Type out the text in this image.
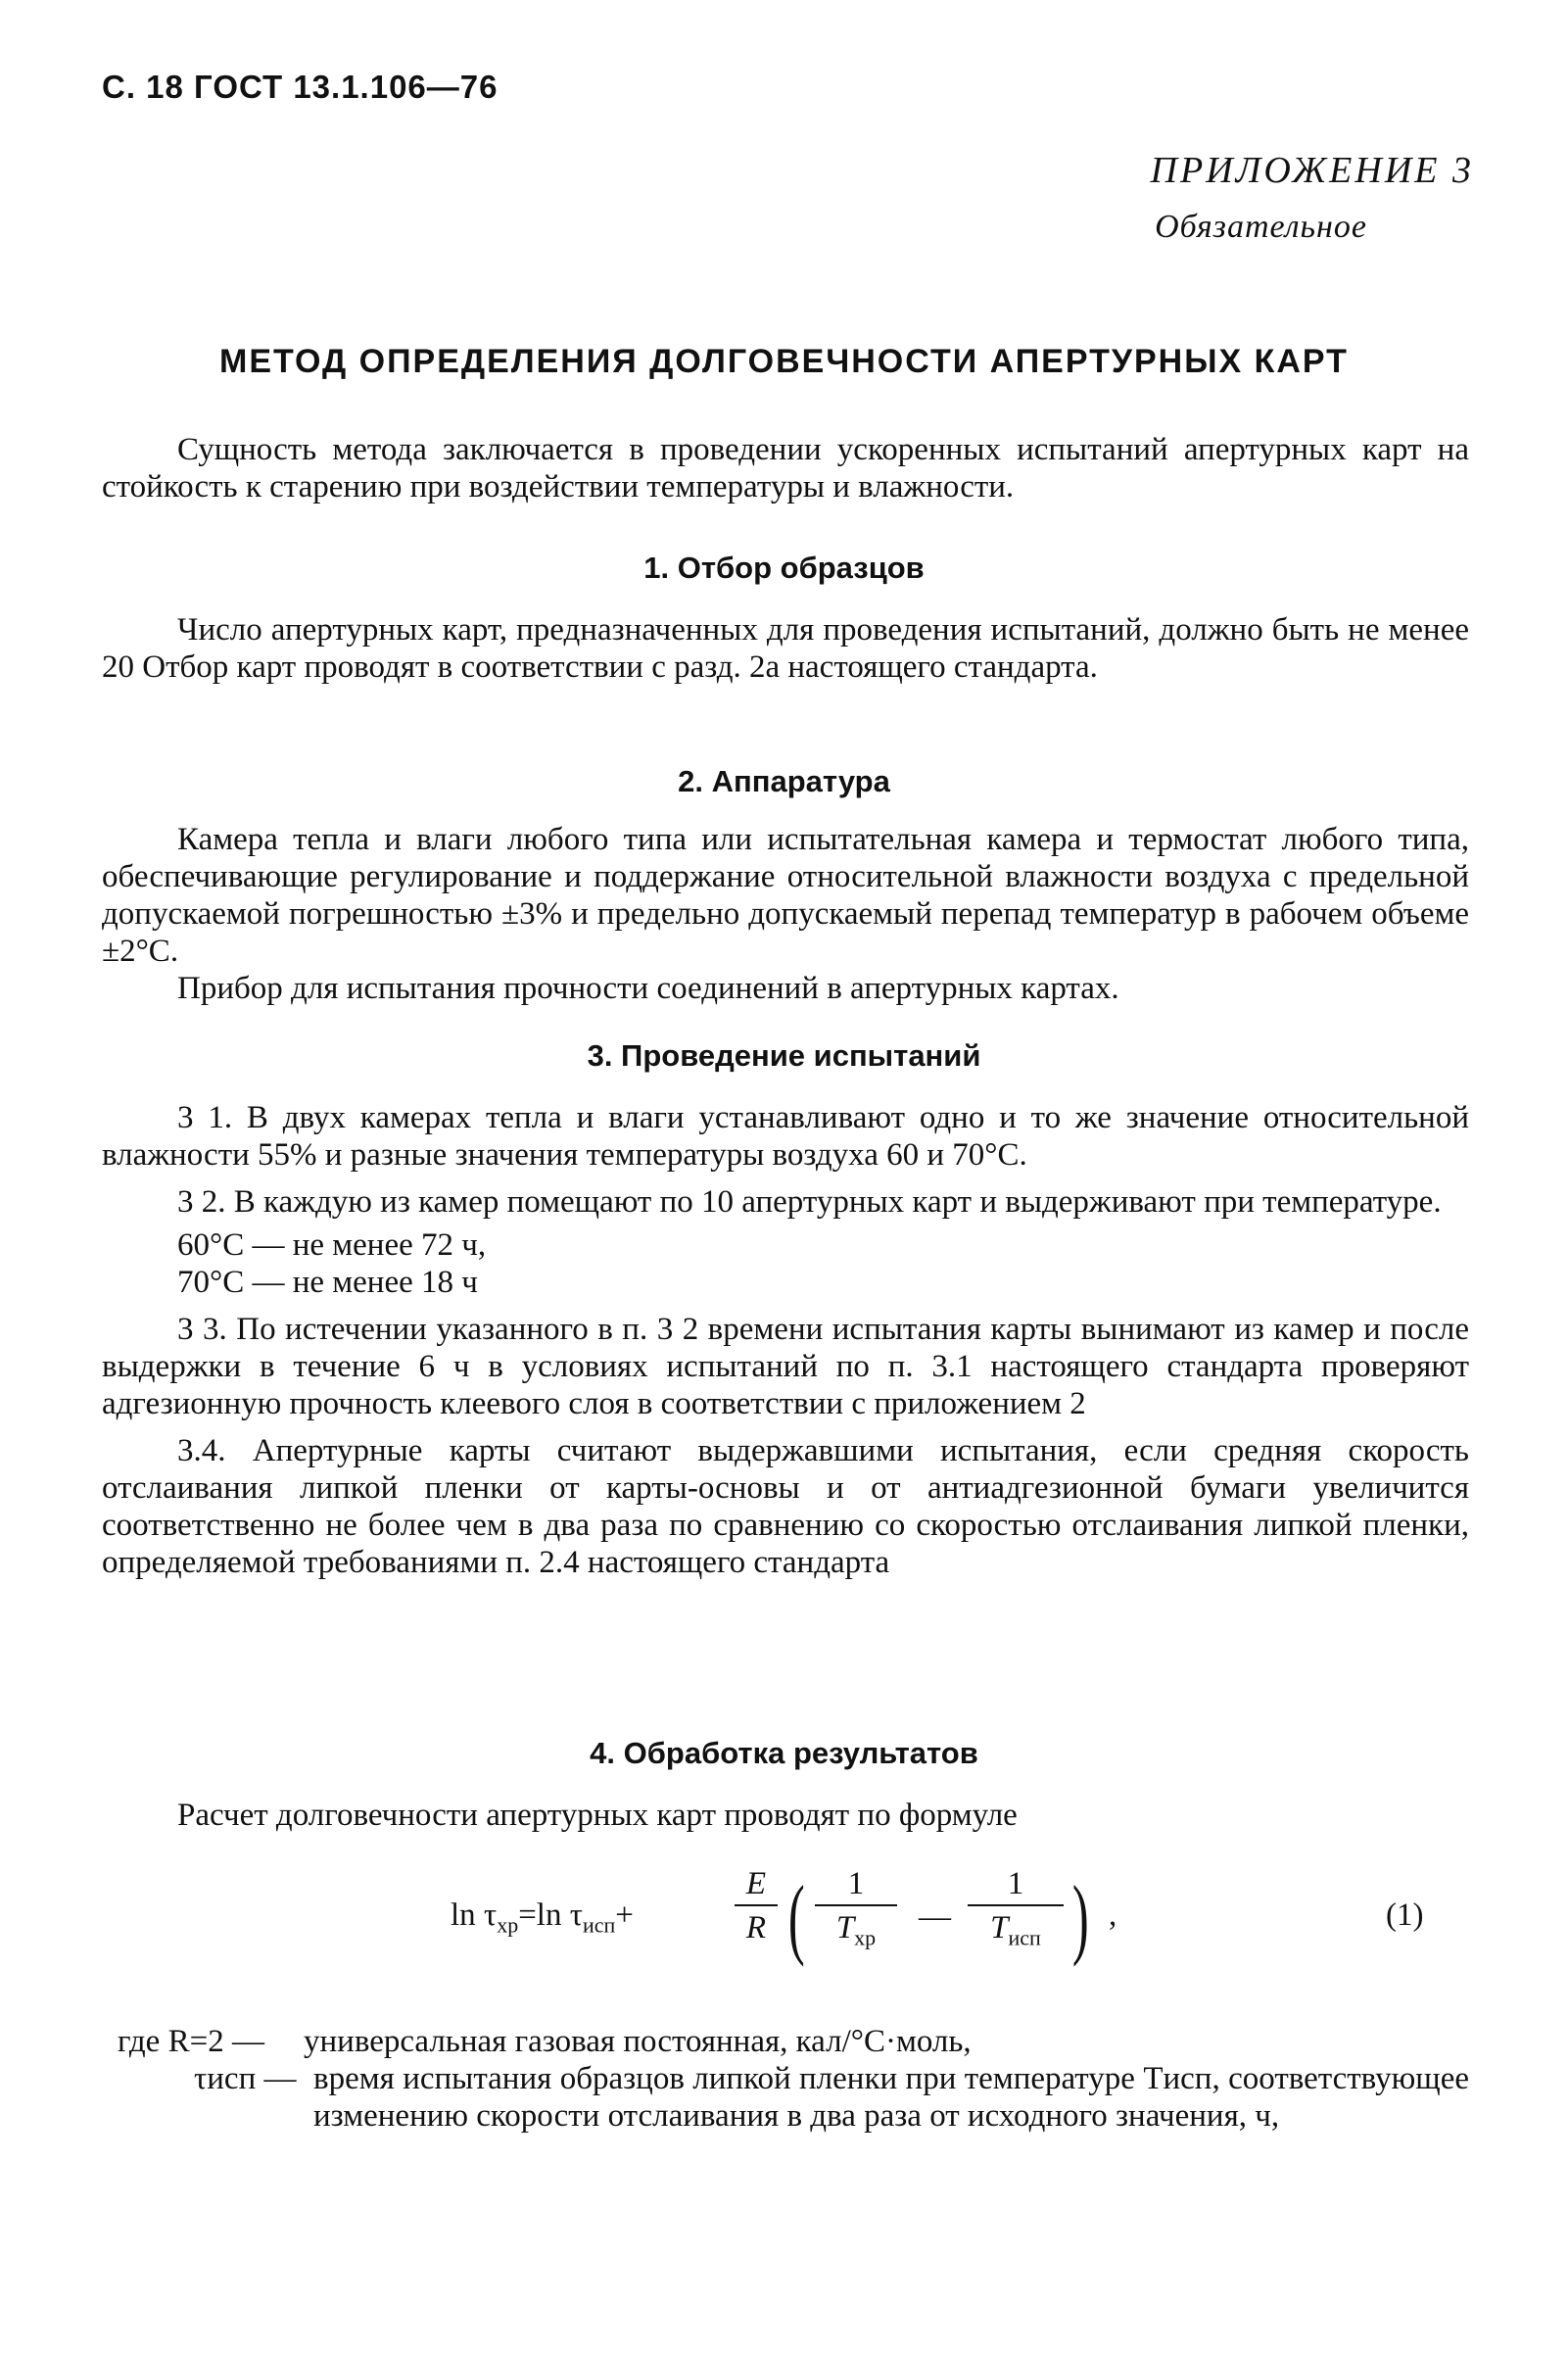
С. 18 ГОСТ 13.1.106—76
ПРИЛОЖЕНИЕ 3
Обязательное
МЕТОД ОПРЕДЕЛЕНИЯ ДОЛГОВЕЧНОСТИ АПЕРТУРНЫХ КАРТ

Сущность метода заключается в проведении ускоренных испытаний апертурных карт на стойкость к старению при воздействии температуры и влажности.

1. Отбор образцов

Число апертурных карт, предназначенных для проведения испытаний, должно быть не менее 20 Отбор карт проводят в соответствии с разд. 2а настоящего стандарта.

2. Аппаратура

Камера тепла и влаги любого типа или испытательная камера и термостат любого типа, обеспечивающие регулирование и поддержание относительной влажности воздуха с предельной допускаемой погрешностью ±3% и предельно допускаемый перепад температур в рабочем объеме ±2°С.

Прибор для испытания прочности соединений в апертурных картах.

3. Проведение испытаний

3 1. В двух камерах тепла и влаги устанавливают одно и то же значение относительной влажности 55% и разные значения температуры воздуха 60 и 70°С.

3 2. В каждую из камер помещают по 10 апертурных карт и выдерживают при температуре.

60°С — не менее 72 ч,

70°С — не менее 18 ч

3 3. По истечении указанного в п. 3 2 времени испытания карты вынимают из камер и после выдержки в течение 6 ч в условиях испытаний по п. 3.1 настоящего стандарта проверяют адгезионную прочность клеевого слоя в соответствии с приложением 2

3.4. Апертурные карты считают выдержавшими испытания, если средняя скорость отслаивания липкой пленки от карты-основы и от антиадгезионной бумаги увеличится соответственно не более чем в два раза по сравнению со скоростью отслаивания липкой пленки, определяемой требованиями п. 2.4 настоящего стандарта

4. Обработка результатов

Расчет долговечности апертурных карт проводят по формуле

$\ln \tau_{хр}=\ln$ $\tau_{исп}+$	$\frac{E}{R}$ (	1
$T_{хр}$
—
1
$T_{исп}$ ) ,	(1)
где R=2 — универсальная газовая постоянная, кал/°С·моль,
τисп — время испытания образцов липкой пленки при температуре Tисп, соответствующее изменению скорости отслаивания в два раза от исходного значения, ч,
